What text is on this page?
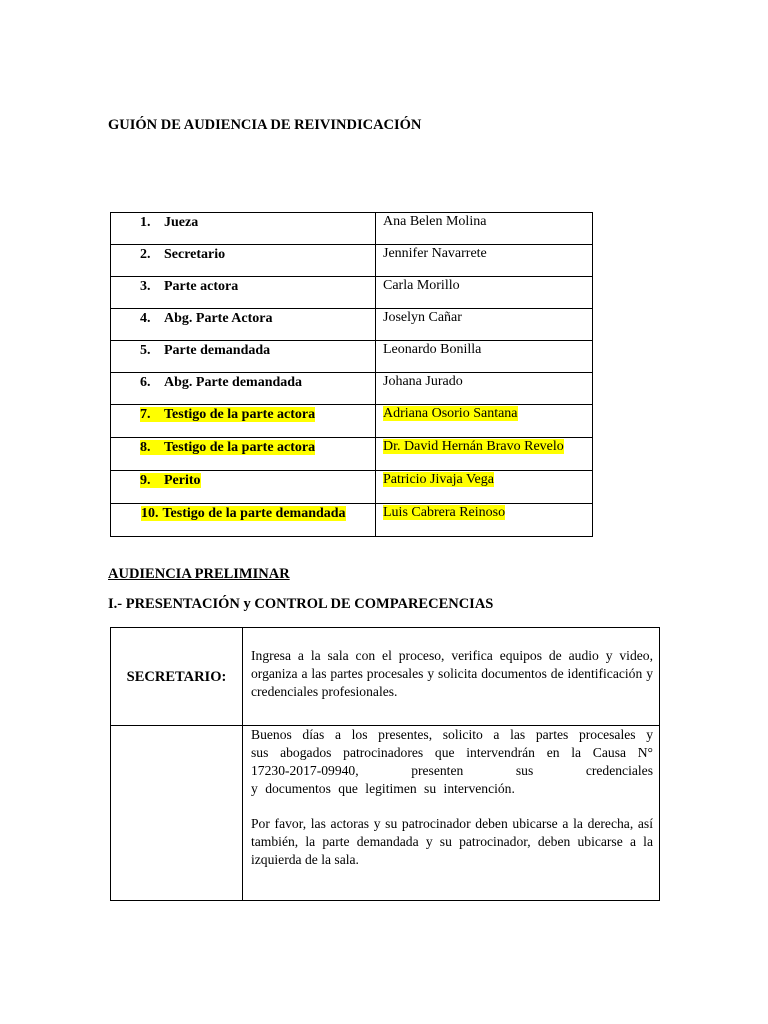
GUIÓN DE AUDIENCIA DE REIVINDICACIÓN
1. Jueza	Ana Belen Molina

2. Secretario	Jennifer Navarrete

3. Parte actora	Carla Morillo

4. Abg. Parte Actora	Joselyn Cañar

5. Parte demandada	Leonardo Bonilla

6. Abg. Parte demandada	Johana Jurado

7. Testigo de la parte actora	Adriana Osorio Santana

8. Testigo de la parte actora	Dr. David Hernán Bravo Revelo

9. Perito	Patricio Jivaja Vega

10. Testigo de la parte demandada	Luis Cabrera Reinoso
AUDIENCIA PRELIMINAR
I.- PRESENTACIÓN y CONTROL DE COMPARECENCIAS
SECRETARIO:	Ingresa a la sala con el proceso, verifica equipos de audio y video, organiza a las partes procesales y solicita documentos de identificación y credenciales profesionales.

	Buenos días a los presentes, solicito a las partes procesales y
sus abogados patrocinadores que intervendrán en la Causa N°
17230-2017-09940, presenten sus credenciales
y documentos que legitimen su intervención.

Por favor, las actoras y su patrocinador deben ubicarse a la derecha, así también, la parte demandada y su patrocinador, deben ubicarse a la izquierda de la sala.
